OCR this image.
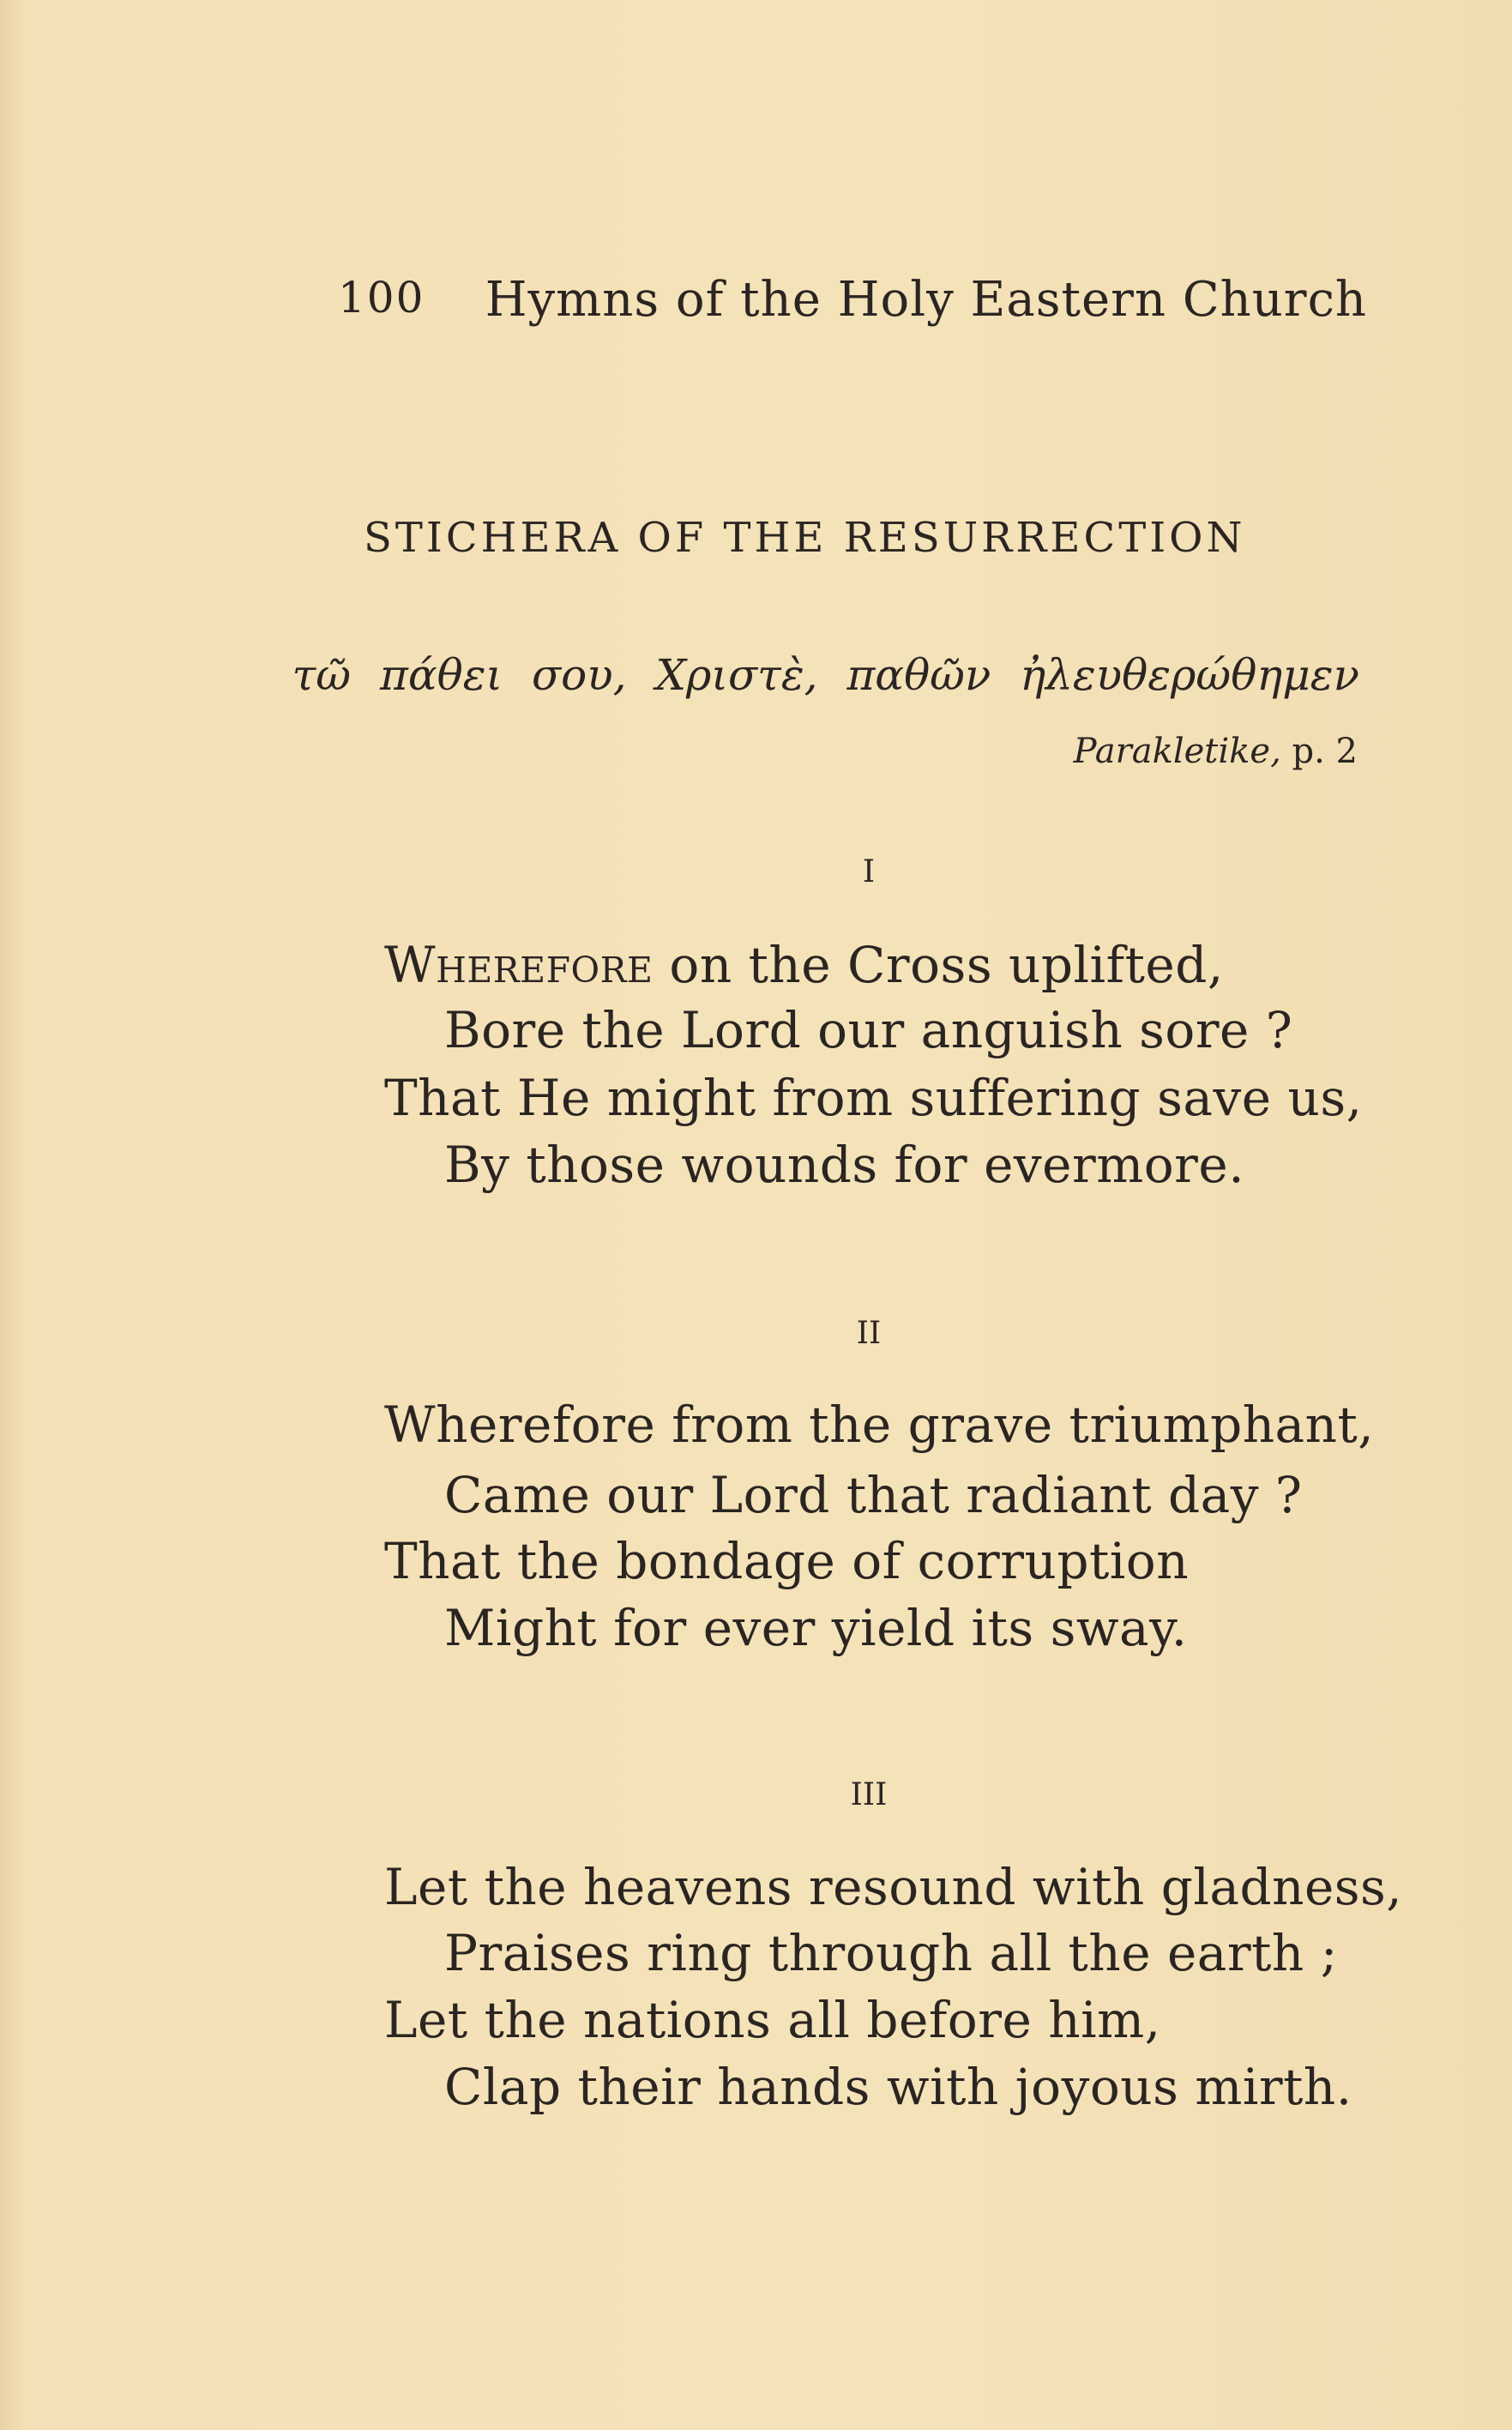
100 Hymns of the Holy Eastern Church
STICHERA OF THE RESURRECTION
τῶ πάθει σου, Χριστὲ, παθῶν ἠλευθερώθημεν
Parakletike, p. 2
I
Wherefore on the Cross uplifted,
Bore the Lord our anguish sore ?
That He might from suffering save us,
By those wounds for evermore.
II
Wherefore from the grave triumphant,
Came our Lord that radiant day ?
That the bondage of corruption
Might for ever yield its sway.
III
Let the heavens resound with gladness,
Praises ring through all the earth ;
Let the nations all before him,
Clap their hands with joyous mirth.
